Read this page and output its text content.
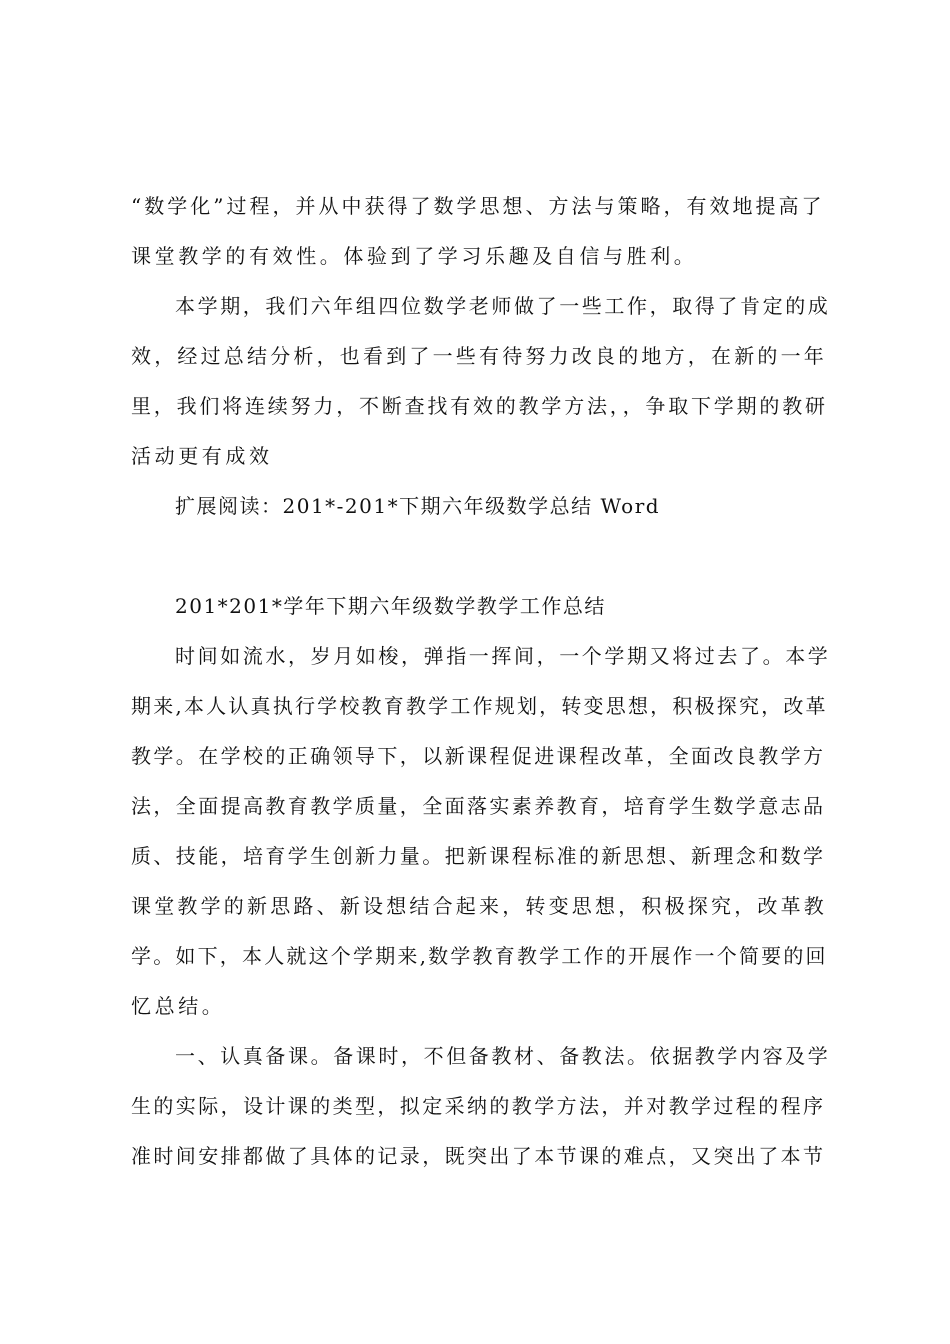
“数学化”过程，并从中获得了数学思想、方法与策略，有效地提高了
课堂教学的有效性。体验到了学习乐趣及自信与胜利。
本学期，我们六年组四位数学老师做了一些工作，取得了肯定的成
效，经过总结分析，也看到了一些有待努力改良的地方，在新的一年
里，我们将连续努力，不断查找有效的教学方法，，争取下学期的教研
活动更有成效
扩展阅读：201*-201*下期六年级数学总结 Word
201*201*学年下期六年级数学教学工作总结
时间如流水，岁月如梭，弹指一挥间，一个学期又将过去了。本学
期来,本人认真执行学校教育教学工作规划，转变思想，积极探究，改革
教学。在学校的正确领导下，以新课程促进课程改革，全面改良教学方
法，全面提高教育教学质量，全面落实素养教育，培育学生数学意志品
质、技能，培育学生创新力量。把新课程标准的新思想、新理念和数学
课堂教学的新思路、新设想结合起来，转变思想，积极探究，改革教
学。如下，本人就这个学期来,数学教育教学工作的开展作一个简要的回
忆总结。
一、认真备课。备课时，不但备教材、备教法。依据教学内容及学
生的实际，设计课的类型，拟定采纳的教学方法，并对教学过程的程序
准时间安排都做了具体的记录，既突出了本节课的难点，又突出了本节
